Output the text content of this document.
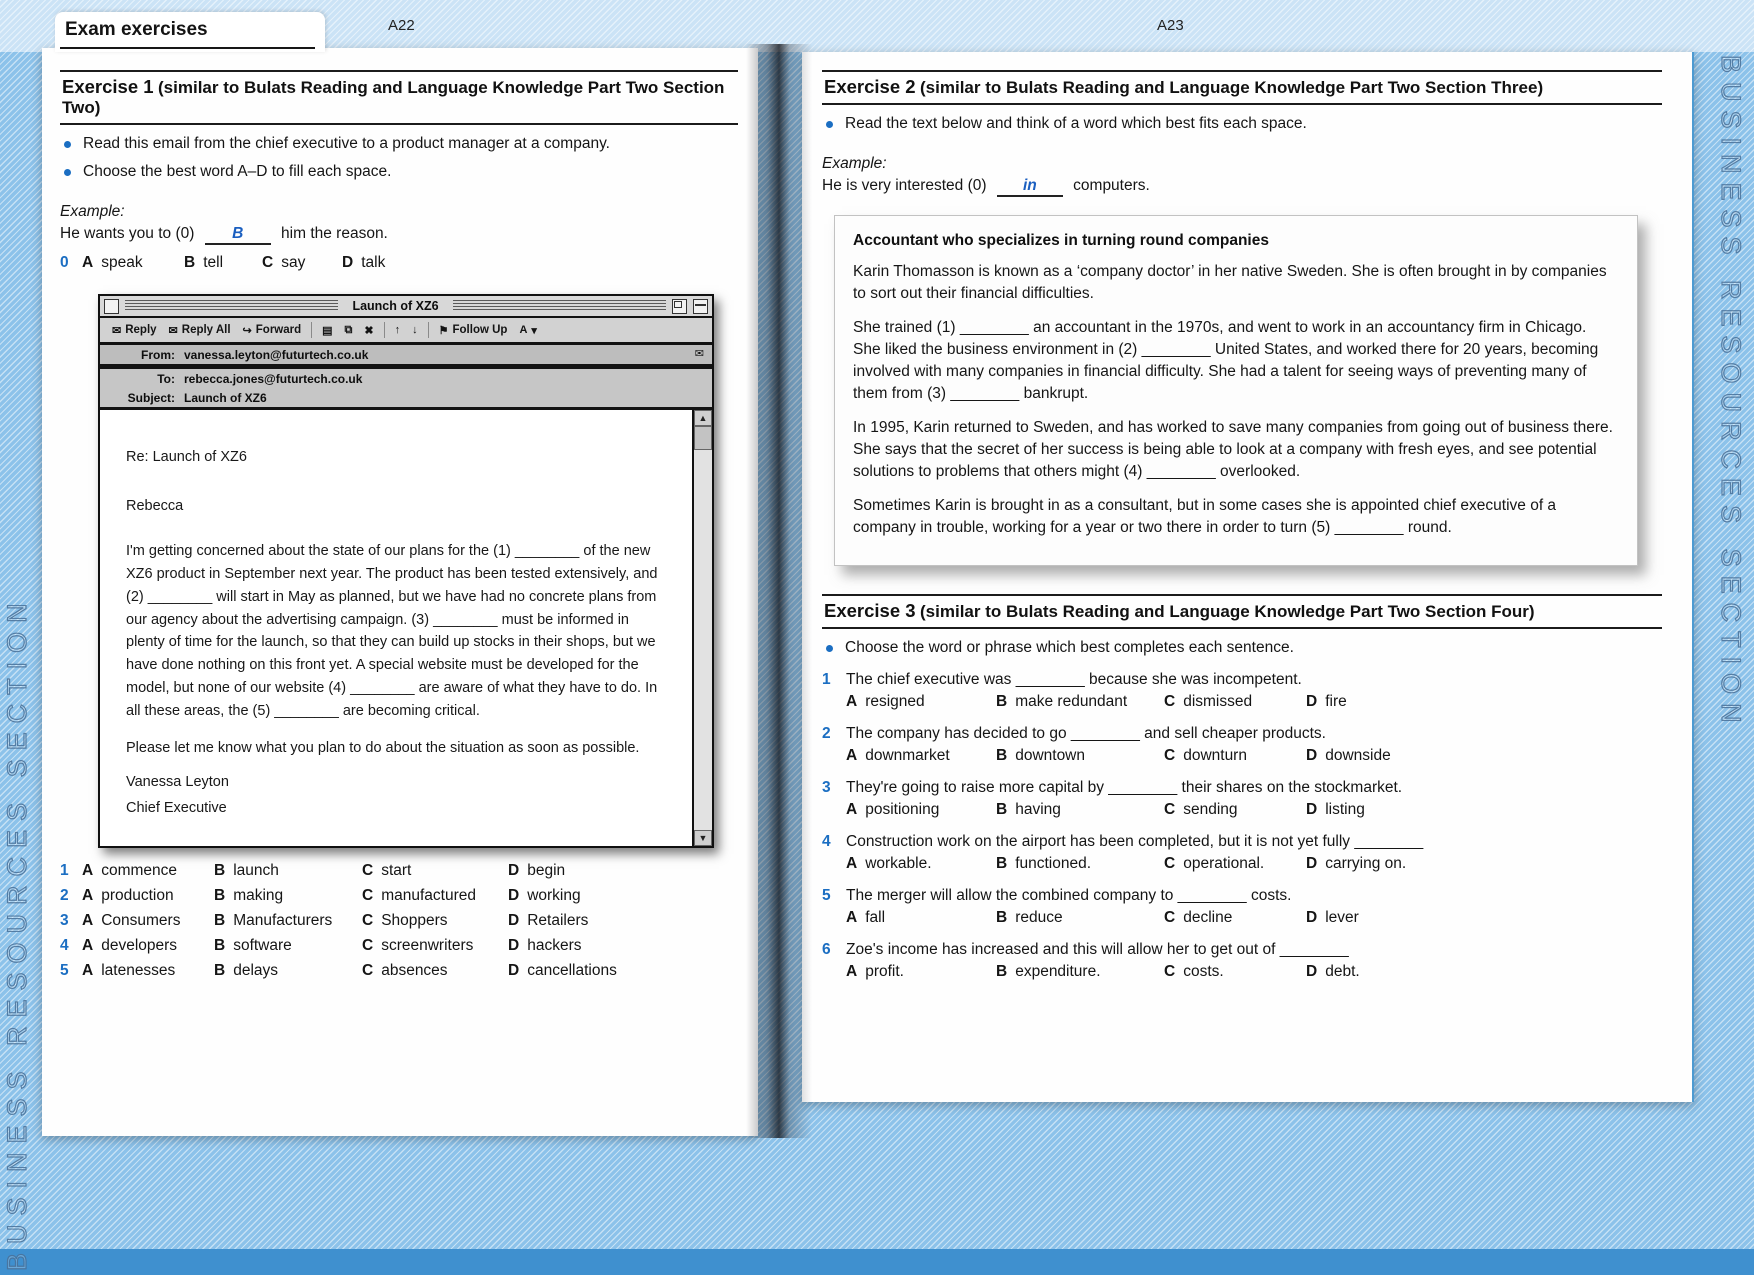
BUSINESS RESOURCES SECTION
BUSINESS RESOURCES SECTION
A22	A23
Exam exercises
Exercise 1 (similar to Bulats Reading and Language Knowledge Part Two Section Two)
Read this email from the chief executive to a product manager at a company.
Choose the best word A–D to fill each space.
Example:
He wants you to (0) B him the reason.
0 A speak	B tell	C say	D talk
Launch of XZ6
✉ Reply ✉ Reply All ↪ Forward ▤ ⧉ ✖ ↑ ↓ ⚑ Follow Up A ▾
From: vanessa.leyton@futurtech.co.uk	✉
To: rebecca.jones@futurtech.co.uk
Subject: Launch of XZ6

Re: Launch of XZ6

Rebecca

I'm getting concerned about the state of our plans for the (1) ________ of the new XZ6 product in September next year. The product has been tested extensively, and (2) ________ will start in May as planned, but we have had no concrete plans from our agency about the advertising campaign. (3) ________ must be informed in plenty of time for the launch, so that they can build up stocks in their shops, but we have done nothing on this front yet. A special website must be developed for the model, but none of our website (4) ________ are aware of what they have to do. In all these areas, the (5) ________ are becoming critical.

Please let me know what you plan to do about the situation as soon as possible.

Vanessa Leyton

Chief Executive

▲
▼
1 A commence	B launch	C start	D begin
2 A production	B making	C manufactured	D working
3 A Consumers	B Manufacturers	C Shoppers	D Retailers
4 A developers	B software	C screenwriters	D hackers
5 A latenesses	B delays	C absences	D cancellations
Exercise 2 (similar to Bulats Reading and Language Knowledge Part Two Section Three)
Read the text below and think of a word which best fits each space.
Example:
He is very interested (0) in computers.
Accountant who specializes in turning round companies

Karin Thomasson is known as a ‘company doctor’ in her native Sweden. She is often brought in by companies to sort out their financial difficulties.

She trained (1) ________ an accountant in the 1970s, and went to work in an accountancy firm in Chicago. She liked the business environment in (2) ________ United States, and worked there for 20 years, becoming involved with many companies in financial difficulty. She had a talent for seeing ways of preventing many of them from (3) ________ bankrupt.

In 1995, Karin returned to Sweden, and has worked to save many companies from going out of business there. She says that the secret of her success is being able to look at a company with fresh eyes, and see potential solutions to problems that others might (4) ________ overlooked.

Sometimes Karin is brought in as a consultant, but in some cases she is appointed chief executive of a company in trouble, working for a year or two there in order to turn (5) ________ round.

Exercise 3 (similar to Bulats Reading and Language Knowledge Part Two Section Four)
Choose the word or phrase which best completes each sentence.
1 The chief executive was ________ because she was incompetent.
A resigned	B make redundant	C dismissed	D fire
2 The company has decided to go ________ and sell cheaper products.
A downmarket	B downtown	C downturn	D downside
3 They're going to raise more capital by ________ their shares on the stockmarket.
A positioning	B having	C sending	D listing
4 Construction work on the airport has been completed, but it is not yet fully ________
A workable.	B functioned.	C operational.	D carrying on.
5 The merger will allow the combined company to ________ costs.
A fall	B reduce	C decline	D lever
6 Zoe's income has increased and this will allow her to get out of ________
A profit.	B expenditure.	C costs.	D debt.
